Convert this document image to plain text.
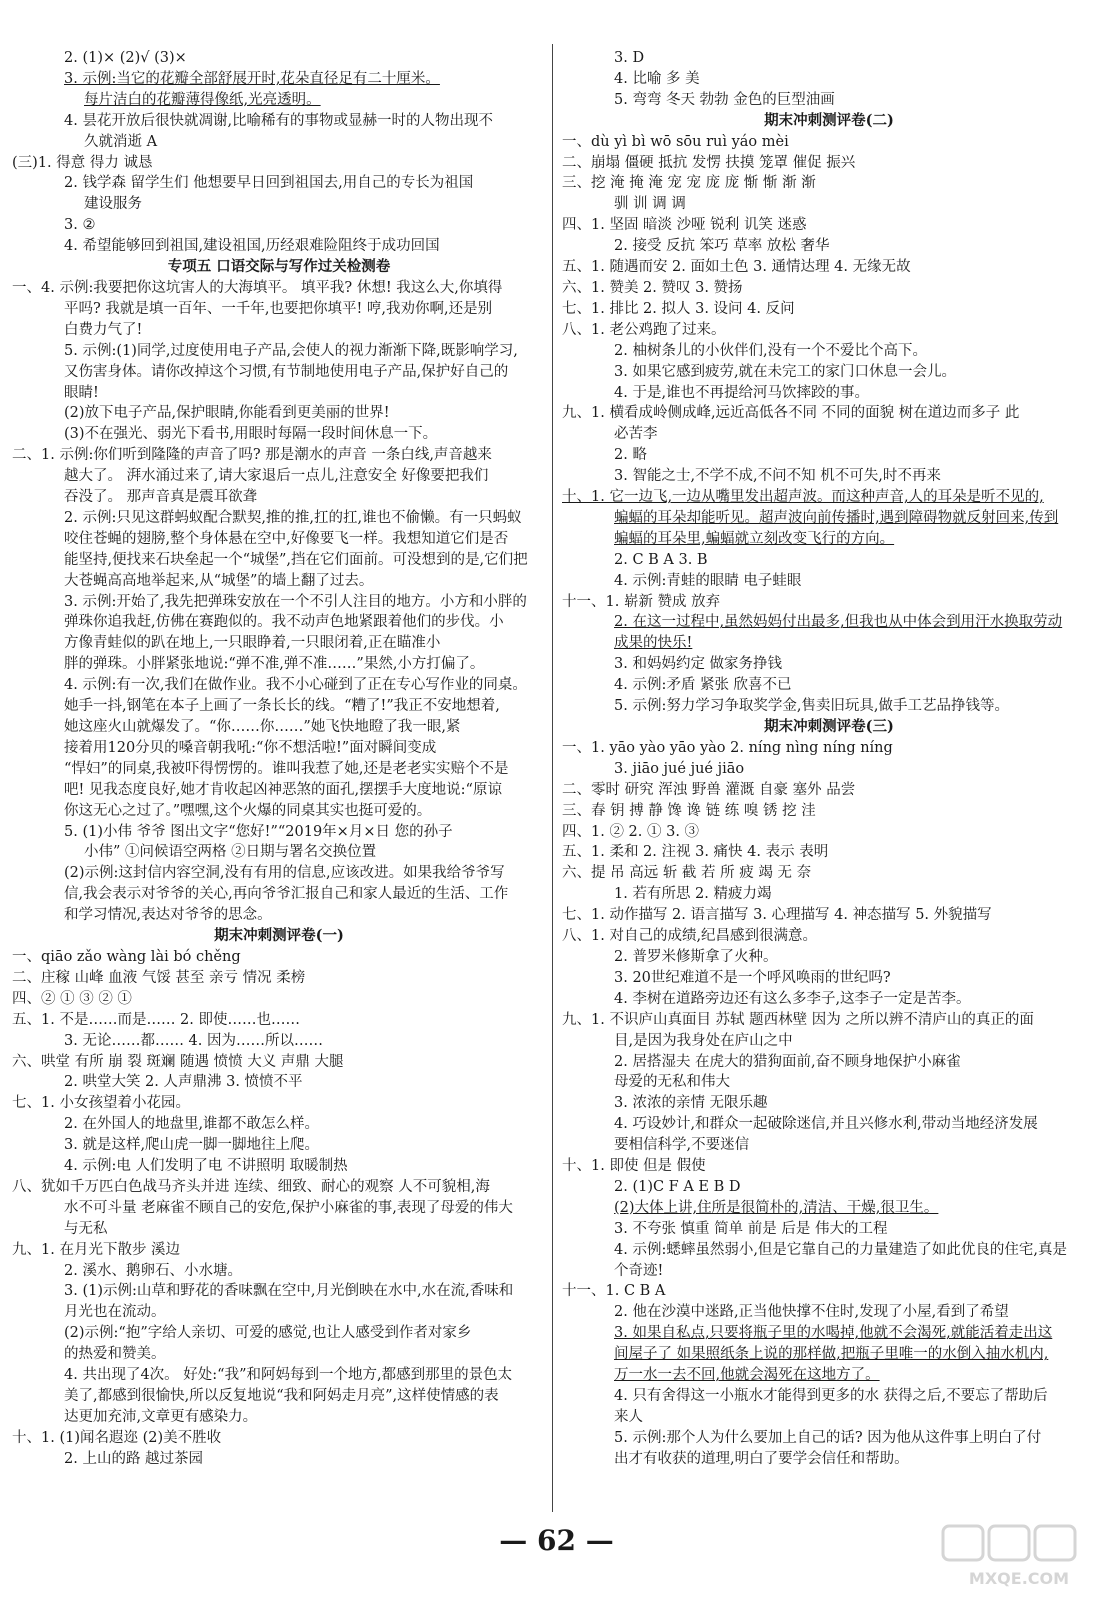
2. (1)× (2)√ (3)×
3. 示例:当它的花瓣全部舒展开时,花朵直径足有二十厘米。
每片洁白的花瓣薄得像纸,光亮透明。
4. 昙花开放后很快就凋谢,比喻稀有的事物或显赫一时的人物出现不
久就消逝 A
(三)1. 得意 得力 诚恳
2. 钱学森 留学生们 他想要早日回到祖国去,用自己的专长为祖国
建设服务
3. ②
4. 希望能够回到祖国,建设祖国,历经艰难险阻终于成功回国
专项五 口语交际与写作过关检测卷
一、4. 示例:我要把你这坑害人的大海填平。 填平我? 休想! 我这么大,你填得
平吗? 我就是填一百年、一千年,也要把你填平! 哼,我劝你啊,还是别
白费力气了!
5. 示例:(1)同学,过度使用电子产品,会使人的视力渐渐下降,既影响学习,
又伤害身体。请你改掉这个习惯,有节制地使用电子产品,保护好自己的
眼睛!
(2)放下电子产品,保护眼睛,你能看到更美丽的世界!
(3)不在强光、弱光下看书,用眼时每隔一段时间休息一下。
二、1. 示例:你们听到隆隆的声音了吗? 那是潮水的声音 一条白线,声音越来
越大了。 湃水涌过来了,请大家退后一点儿,注意安全 好像要把我们
吞没了。 那声音真是震耳欲聋
2. 示例:只见这群蚂蚁配合默契,推的推,扛的扛,谁也不偷懒。有一只蚂蚁
咬住苍蝇的翅膀,整个身体悬在空中,好像要飞一样。我想知道它们是否
能坚持,便找来石块垒起一个“城堡”,挡在它们面前。可没想到的是,它们把
大苍蝇高高地举起来,从“城堡”的墙上翻了过去。
3. 示例:开始了,我先把弹珠安放在一个不引人注目的地方。小方和小胖的
弹珠你追我赶,仿佛在赛跑似的。我不动声色地紧跟着他们的步伐。小
方像青蛙似的趴在地上,一只眼睁着,一只眼闭着,正在瞄准小
胖的弹珠。小胖紧张地说:“弹不准,弹不准……”果然,小方打偏了。
4. 示例:有一次,我们在做作业。我不小心碰到了正在专心写作业的同桌。
她手一抖,钢笔在本子上画了一条长长的线。“糟了!”我正不安地想着,
她这座火山就爆发了。“你……你……”她飞快地瞪了我一眼,紧
接着用120分贝的嗓音朝我吼:“你不想活啦!”面对瞬间变成
“悍妇”的同桌,我被吓得愣愣的。谁叫我惹了她,还是老老实实赔个不是
吧! 见我态度良好,她才肯收起凶神恶煞的面孔,摆摆手大度地说:“原谅
你这无心之过了。”嘿嘿,这个火爆的同桌其实也挺可爱的。
5. (1)小伟 爷爷 图出文字“您好!”“2019年×月×日 您的孙子
小伟” ①问候语空两格 ②日期与署名交换位置
(2)示例:这封信内容空洞,没有有用的信息,应该改进。如果我给爷爷写
信,我会表示对爷爷的关心,再向爷爷汇报自己和家人最近的生活、工作
和学习情况,表达对爷爷的思念。
期末冲刺测评卷(一)
一、qiāo zǎo wàng lài bó chěng
二、庄稼 山峰 血液 气馁 甚至 亲亏 情况 柔榜
四、② ① ③ ② ①
五、1. 不是……而是…… 2. 即使……也……
3. 无论……都…… 4. 因为……所以……
六、哄堂 有所 崩 裂 斑斓 随遇 愤愤 大义 声鼎 大腿
2. 哄堂大笑 2. 人声鼎沸 3. 愤愤不平
七、1. 小女孩望着小花园。
2. 在外国人的地盘里,谁都不敢怎么样。
3. 就是这样,爬山虎一脚一脚地往上爬。
4. 示例:电 人们发明了电 不讲照明 取暖制热
八、犹如千万匹白色战马齐头并进 连续、细致、耐心的观察 人不可貌相,海
水不可斗量 老麻雀不顾自己的安危,保护小麻雀的事,表现了母爱的伟大
与无私
九、1. 在月光下散步 溪边
2. 溪水、鹅卵石、小水塘。
3. (1)示例:山草和野花的香味飘在空中,月光倒映在水中,水在流,香味和
月光也在流动。
(2)示例:“抱”字给人亲切、可爱的感觉,也让人感受到作者对家乡
的热爱和赞美。
4. 共出现了4次。 好处:“我”和阿妈每到一个地方,都感到那里的景色太
美了,都感到很愉快,所以反复地说“我和阿妈走月亮”,这样使情感的表
达更加充沛,文章更有感染力。
十、1. (1)闻名遐迩 (2)美不胜收
2. 上山的路 越过茶园
3. D
4. 比喻 多 美
5. 弯弯 冬天 勃勃 金色的巨型油画
期末冲刺测评卷(二)
一、dù yì bì wō sōu ruì yáo mèi
二、崩塌 僵硬 抵抗 发愣 扶摸 笼罩 催促 振兴
三、挖 淹 掩 淹 宠 宠 庞 庞 惭 惭 渐 渐
驯 训 调 调
四、1. 坚固 暗淡 沙哑 锐利 讥笑 迷惑
2. 接受 反抗 笨巧 草率 放松 奢华
五、1. 随遇而安 2. 面如土色 3. 通情达理 4. 无缘无故
六、1. 赞美 2. 赞叹 3. 赞扬
七、1. 排比 2. 拟人 3. 设问 4. 反问
八、1. 老公鸡跑了过来。
2. 柚树条儿的小伙伴们,没有一个不爱比个高下。
3. 如果它感到疲劳,就在未完工的家门口休息一会儿。
4. 于是,谁也不再提给河马饮摔跤的事。
九、1. 横看成岭侧成峰,远近高低各不同 不同的面貌 树在道边而多子 此
必苦李
2. 略
3. 智能之士,不学不成,不问不知 机不可失,时不再来
十、1. 它一边飞,一边从嘴里发出超声波。而这种声音,人的耳朵是听不见的,
蝙蝠的耳朵却能听见。超声波向前传播时,遇到障碍物就反射回来,传到
蝙蝠的耳朵里,蝙蝠就立刻改变飞行的方向。
2. C B A 3. B
4. 示例:青蛙的眼睛 电子蛙眼
十一、1. 崭新 赞成 放弃
2. 在这一过程中,虽然妈妈付出最多,但我也从中体会到用汗水换取劳动
成果的快乐!
3. 和妈妈约定 做家务挣钱
4. 示例:矛盾 紧张 欣喜不已
5. 示例:努力学习争取奖学金,售卖旧玩具,做手工艺品挣钱等。
期末冲刺测评卷(三)
一、1. yāo yào yāo yào 2. níng nìng níng níng
3. jiāo jué jué jiāo
二、零时 研究 浑浊 野兽 灌溉 自豪 塞外 品尝
三、春 钥 搏 静 馋 谗 链 练 嗅 锈 挖 洼
四、1. ② 2. ① 3. ③
五、1. 柔和 2. 注视 3. 痛快 4. 表示 表明
六、提 吊 高远 斩 截 若 所 疲 竭 无 奈
1. 若有所思 2. 精疲力竭
七、1. 动作描写 2. 语言描写 3. 心理描写 4. 神态描写 5. 外貌描写
八、1. 对自己的成绩,纪昌感到很满意。
2. 普罗米修斯拿了火种。
3. 20世纪难道不是一个呼风唤雨的世纪吗?
4. 李树在道路旁边还有这么多李子,这李子一定是苦李。
九、1. 不识庐山真面目 苏轼 题西林壁 因为 之所以辨不清庐山的真正的面
目,是因为我身处在庐山之中
2. 居搭湿夫 在虎大的猎狗面前,奋不顾身地保护小麻雀
母爱的无私和伟大
3. 浓浓的亲情 无限乐趣
4. 巧设妙计,和群众一起破除迷信,并且兴修水利,带动当地经济发展
要相信科学,不要迷信
十、1. 即使 但是 假使
2. (1)C F A E B D
(2)大体上讲,住所是很简朴的,清洁、干燥,很卫生。
3. 不夸张 慎重 简单 前是 后是 伟大的工程
4. 示例:蟋蟀虽然弱小,但是它靠自己的力量建造了如此优良的住宅,真是
个奇迹!
十一、1. C B A
2. 他在沙漠中迷路,正当他快撑不住时,发现了小屋,看到了希望
3. 如果自私点,只要将瓶子里的水喝掉,他就不会渴死,就能活着走出这
间屋子了 如果照纸条上说的那样做,把瓶子里唯一的水倒入抽水机内,
万一水一去不回,他就会渴死在这地方了。
4. 只有舍得这一小瓶水才能得到更多的水 获得之后,不要忘了帮助后
来人
5. 示例:那个人为什么要加上自己的话? 因为他从这件事上明白了付
出才有收获的道理,明白了要学会信任和帮助。
— 62 —
MXQE.COM
